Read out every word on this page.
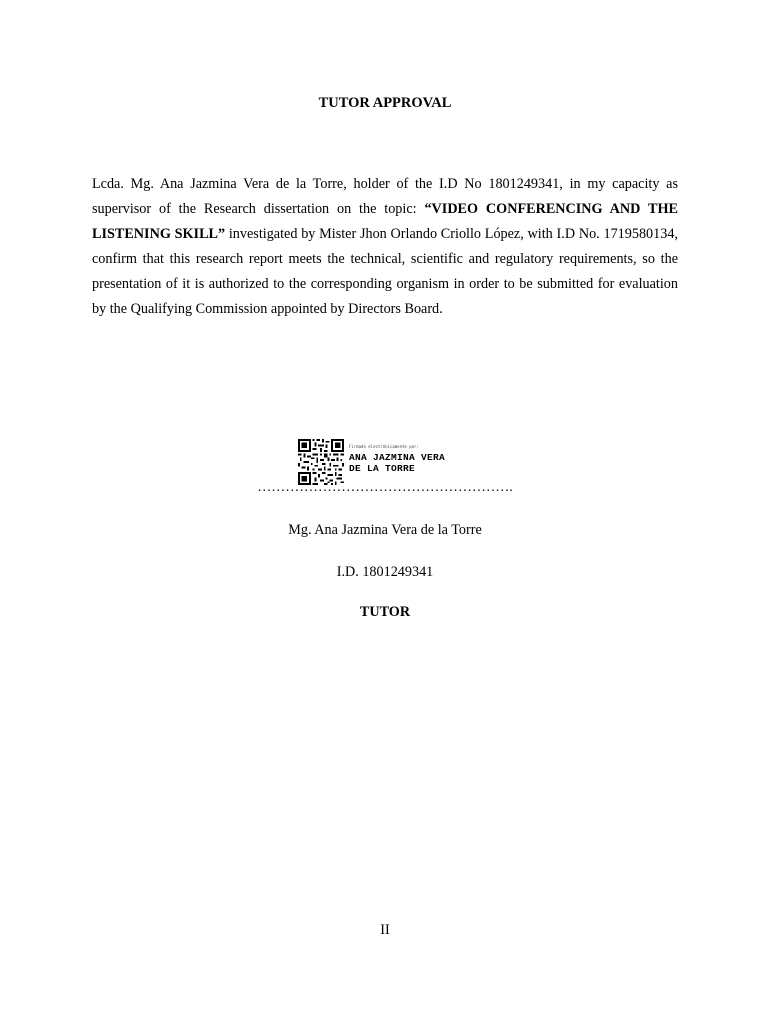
TUTOR APPROVAL
Lcda. Mg. Ana Jazmina Vera de la Torre, holder of the I.D No 1801249341, in my capacity as supervisor of the Research dissertation on the topic: “VIDEO CONFERENCING AND THE LISTENING SKILL” investigated by Mister Jhon Orlando Criollo López, with I.D No. 1719580134, confirm that this research report meets the technical, scientific and regulatory requirements, so the presentation of it is authorized to the corresponding organism in order to be submitted for evaluation by the Qualifying Commission appointed by Directors Board.
Firmado electrónicamente por:
ANA JAZMINA VERA DE LA TORRE
……………………………………………….
Mg. Ana Jazmina Vera de la Torre
I.D. 1801249341
TUTOR
II
